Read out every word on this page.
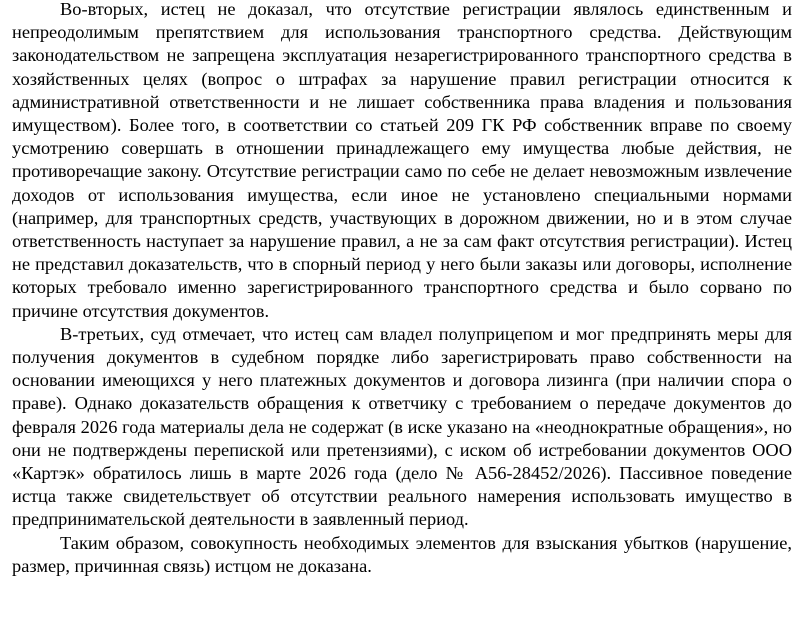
Во-вторых, истец не доказал, что отсутствие регистрации являлось единственным и непреодолимым препятствием для использования транспортного средства. Действующим законодательством не запрещена эксплуатация незарегистрированного транспортного средства в хозяйственных целях (вопрос о штрафах за нарушение правил регистрации относится к административной ответственности и не лишает собственника права владения и пользования имуществом). Более того, в соответствии со статьей 209 ГК РФ собственник вправе по своему усмотрению совершать в отношении принадлежащего ему имущества любые действия, не противоречащие закону. Отсутствие регистрации само по себе не делает невозможным извлечение доходов от использования имущества, если иное не установлено специальными нормами (например, для транспортных средств, участвующих в дорожном движении, но и в этом случае ответственность наступает за нарушение правил, а не за сам факт отсутствия регистрации). Истец не представил доказательств, что в спорный период у него были заказы или договоры, исполнение которых требовало именно зарегистрированного транспортного средства и было сорвано по причине отсутствия документов.

В-третьих, суд отмечает, что истец сам владел полуприцепом и мог предпринять меры для получения документов в судебном порядке либо зарегистрировать право собственности на основании имеющихся у него платежных документов и договора лизинга (при наличии спора о праве). Однако доказательств обращения к ответчику с требованием о передаче документов до февраля 2026 года материалы дела не содержат (в иске указано на «неоднократные обращения», но они не подтверждены перепиской или претензиями), с иском об истребовании документов ООО «Картэк» обратилось лишь в марте 2026 года (дело № А56-28452/2026). Пассивное поведение истца также свидетельствует об отсутствии реального намерения использовать имущество в предпринимательской деятельности в заявленный период.

Таким образом, совокупность необходимых элементов для взыскания убытков (нарушение, размер, причинная связь) истцом не доказана.
